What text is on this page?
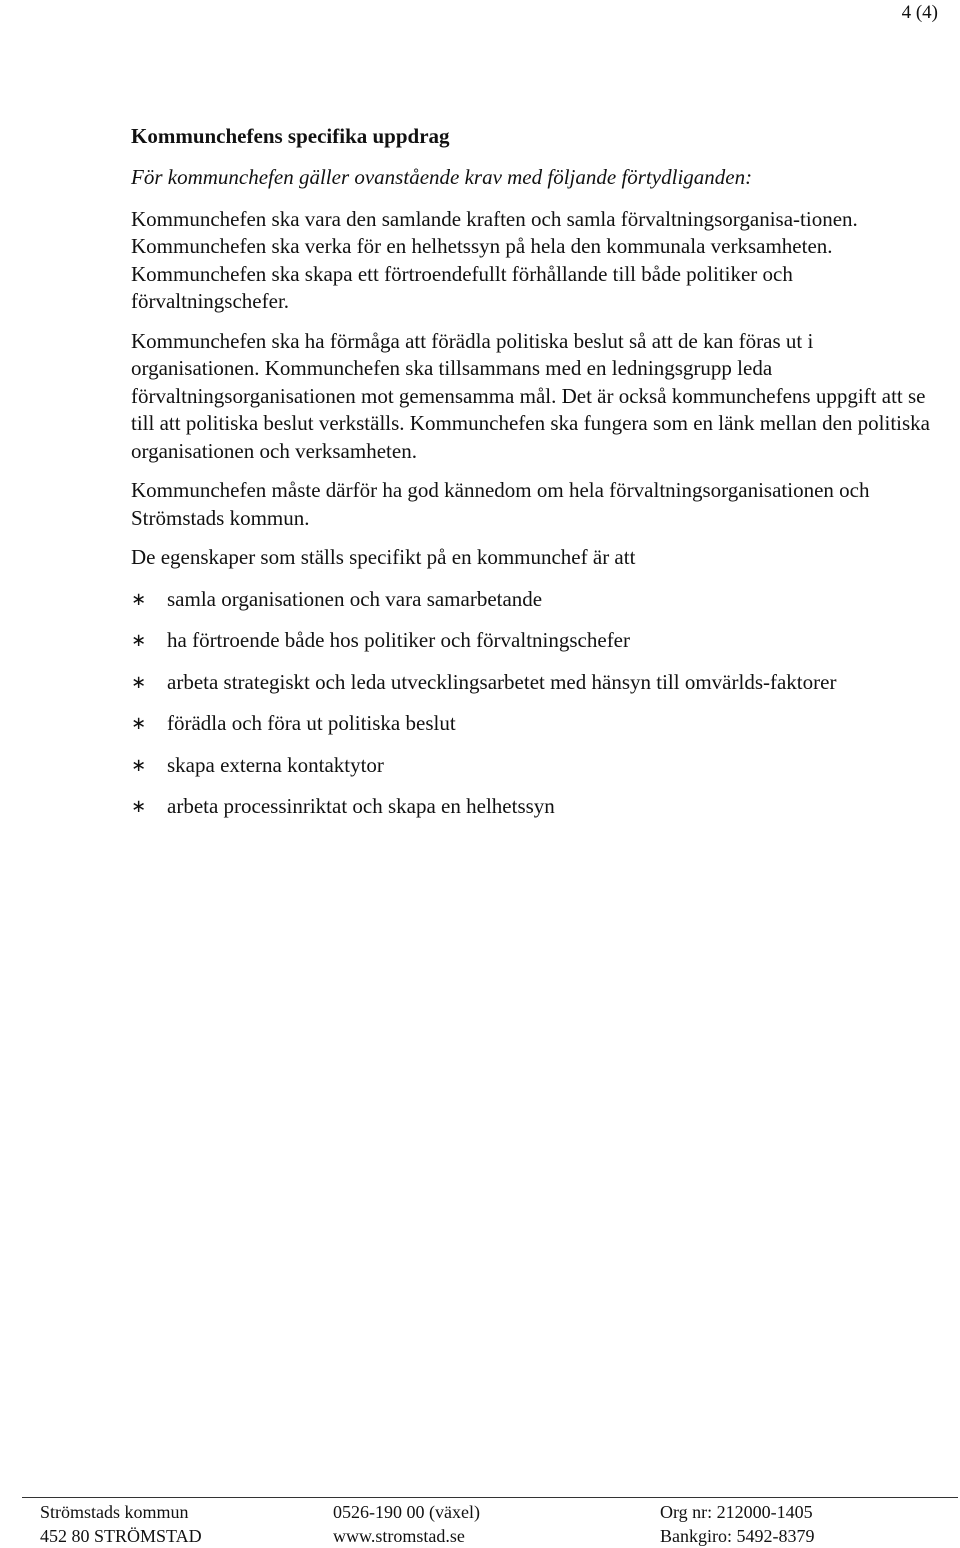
4 (4)
Kommunchefens specifika uppdrag

För kommunchefen gäller ovanstående krav med följande förtydliganden:

Kommunchefen ska vara den samlande kraften och samla förvaltningsorganisa-tionen. Kommunchefen ska verka för en helhetssyn på hela den kommunala verksamheten. Kommunchefen ska skapa ett förtroendefullt förhållande till både politiker och förvaltningschefer.

Kommunchefen ska ha förmåga att förädla politiska beslut så att de kan föras ut i organisationen. Kommunchefen ska tillsammans med en ledningsgrupp leda förvaltningsorganisationen mot gemensamma mål. Det är också kommunchefens uppgift att se till att politiska beslut verkställs. Kommunchefen ska fungera som en länk mellan den politiska organisationen och verksamheten.

Kommunchefen måste därför ha god kännedom om hela förvaltningsorganisationen och Strömstads kommun.

De egenskaper som ställs specifikt på en kommunchef är att

∗ samla organisationen och vara samarbetande
∗ ha förtroende både hos politiker och förvaltningschefer
∗ arbeta strategiskt och leda utvecklingsarbetet med hänsyn till omvärlds-faktorer
∗ förädla och föra ut politiska beslut
∗ skapa externa kontaktytor
∗ arbeta processinriktat och skapa en helhetssyn
Strömstads kommun
452 80 STRÖMSTAD
0526-190 00 (växel)
www.stromstad.se
Org nr: 212000-1405
Bankgiro: 5492-8379
